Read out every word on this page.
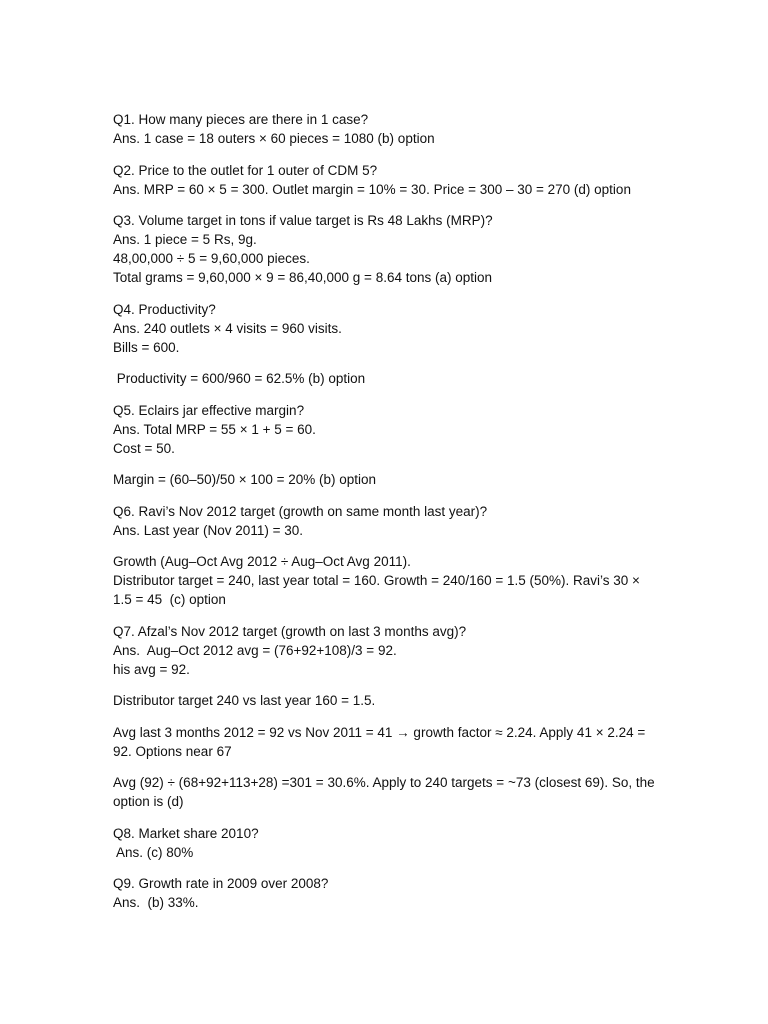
Q1. How many pieces are there in 1 case?
Ans. 1 case = 18 outers × 60 pieces = 1080 (b) option
Q2. Price to the outlet for 1 outer of CDM 5?
Ans. MRP = 60 × 5 = 300. Outlet margin = 10% = 30. Price = 300 – 30 = 270 (d) option
Q3. Volume target in tons if value target is Rs 48 Lakhs (MRP)?
Ans. 1 piece = 5 Rs, 9g.
48,00,000 ÷ 5 = 9,60,000 pieces.
Total grams = 9,60,000 × 9 = 86,40,000 g = 8.64 tons (a) option
Q4. Productivity?
Ans. 240 outlets × 4 visits = 960 visits.
Bills = 600.
Productivity = 600/960 = 62.5% (b) option
Q5. Eclairs jar effective margin?
Ans. Total MRP = 55 × 1 + 5 = 60.
Cost = 50.
Margin = (60–50)/50 × 100 = 20% (b) option
Q6. Ravi’s Nov 2012 target (growth on same month last year)?
Ans. Last year (Nov 2011) = 30.
Growth (Aug–Oct Avg 2012 ÷ Aug–Oct Avg 2011).
Distributor target = 240, last year total = 160. Growth = 240/160 = 1.5 (50%). Ravi’s 30 × 1.5 = 45  (c) option
Q7. Afzal’s Nov 2012 target (growth on last 3 months avg)?
Ans.  Aug–Oct 2012 avg = (76+92+108)/3 = 92.
his avg = 92.
Distributor target 240 vs last year 160 = 1.5.
Avg last 3 months 2012 = 92 vs Nov 2011 = 41 → growth factor ≈ 2.24. Apply 41 × 2.24 = 92. Options near 67
Avg (92) ÷ (68+92+113+28) =301 = 30.6%. Apply to 240 targets = ~73 (closest 69). So, the option is (d)
Q8. Market share 2010?
Ans. (c) 80%
Q9. Growth rate in 2009 over 2008?
Ans.  (b) 33%.
